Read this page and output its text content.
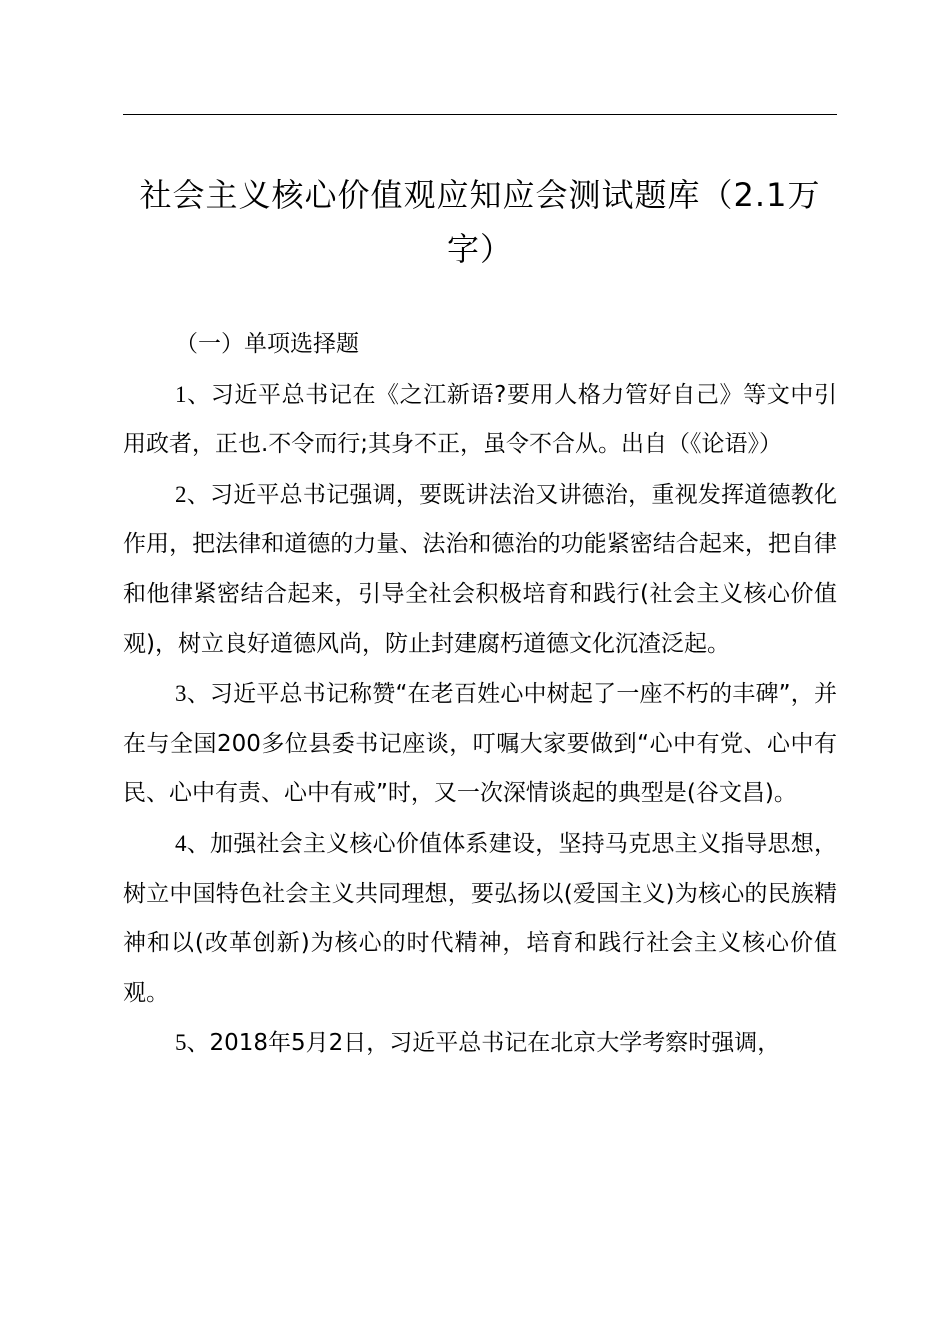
社会主义核心价值观应知应会测试题库（2.1万字）
（一）单项选择题

1、习近平总书记在《之江新语?要用人格力管好自己》等文中引用政者，正也.不令而行;其身不正，虽令不合从。出自（《论语》）

2、习近平总书记强调，要既讲法治又讲德治，重视发挥道德教化作用，把法律和道德的力量、法治和德治的功能紧密结合起来，把自律和他律紧密结合起来，引导全社会积极培育和践行(社会主义核心价值观)，树立良好道德风尚，防止封建腐朽道德文化沉渣泛起。

3、习近平总书记称赞“在老百姓心中树起了一座不朽的丰碑”，并在与全国200多位县委书记座谈，叮嘱大家要做到“心中有党、心中有民、心中有责、心中有戒”时，又一次深情谈起的典型是(谷文昌)。

4、加强社会主义核心价值体系建设，坚持马克思主义指导思想，树立中国特色社会主义共同理想，要弘扬以(爱国主义)为核心的民族精神和以(改革创新)为核心的时代精神，培育和践行社会主义核心价值观。

5、2018年5月2日，习近平总书记在北京大学考察时强调，
